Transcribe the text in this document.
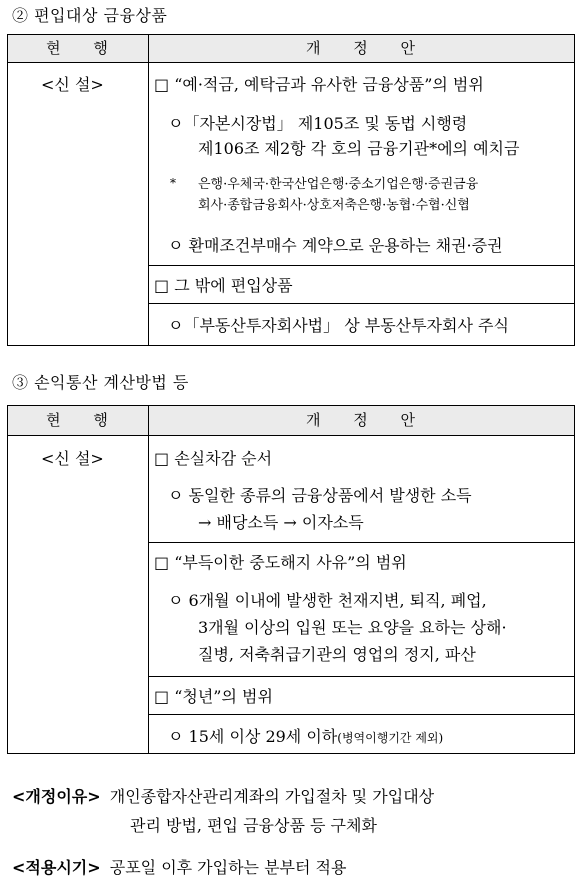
② 편입대상 금융상품
현 행	개 정 안
<신 설>	□ “예·적금, 예탁금과 유사한 금융상품”의 범위
ㅇ「자본시장법」 제105조 및 동법 시행령
제106조 제2항 각 호의 금융기관*에의 예치금
* 은행·우체국·한국산업은행·중소기업은행·증권금융
회사·종합금융회사·상호저축은행·농협·수협·신협
ㅇ 환매조건부매수 계약으로 운용하는 채권·증권
□ 그 밖에 편입상품
ㅇ「부동산투자회사법」 상 부동산투자회사 주식
③ 손익통산 계산방법 등
현 행	개 정 안
<신 설>	□ 손실차감 순서
ㅇ 동일한 종류의 금융상품에서 발생한 소득
→ 배당소득 → 이자소득
□ “부득이한 중도해지 사유”의 범위
ㅇ 6개월 이내에 발생한 천재지변, 퇴직, 폐업,
3개월 이상의 입원 또는 요양을 요하는 상해·
질병, 저축취급기관의 영업의 정지, 파산
□ “청년”의 범위
ㅇ 15세 이상 29세 이하(병역이행기간 제외)
<개정이유> 개인종합자산관리계좌의 가입절차 및 가입대상
관리 방법, 편입 금융상품 등 구체화
<적용시기> 공포일 이후 가입하는 분부터 적용
